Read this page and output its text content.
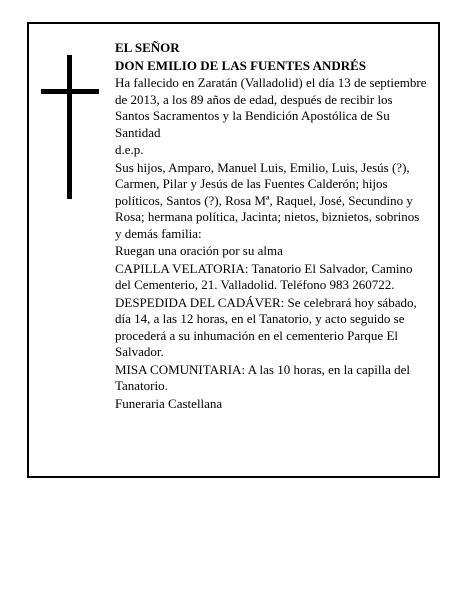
EL SEÑOR

DON EMILIO DE LAS FUENTES ANDRÉS

Ha fallecido en Zaratán (Valladolid) el día 13 de septiembre de 2013, a los 89 años de edad, después de recibir los Santos Sacramentos y la Bendición Apostólica de Su Santidad

d.e.p.

Sus hijos, Amparo, Manuel Luis, Emilio, Luis, Jesús (?), Carmen, Pilar y Jesús de las Fuentes Calderón; hijos políticos, Santos (?), Rosa Mª, Raquel, José, Secundino y Rosa; hermana política, Jacinta; nietos, biznietos, sobrinos y demás familia:

Ruegan una oración por su alma

CAPILLA VELATORIA: Tanatorio El Salvador, Camino del Cementerio, 21. Valladolid. Teléfono 983 260722.

DESPEDIDA DEL CADÁVER: Se celebrará hoy sábado, día 14, a las 12 horas, en el Tanatorio, y acto seguido se procederá a su inhumación en el cementerio Parque El Salvador.

MISA COMUNITARIA: A las 10 horas, en la capilla del Tanatorio.

Funeraria Castellana
